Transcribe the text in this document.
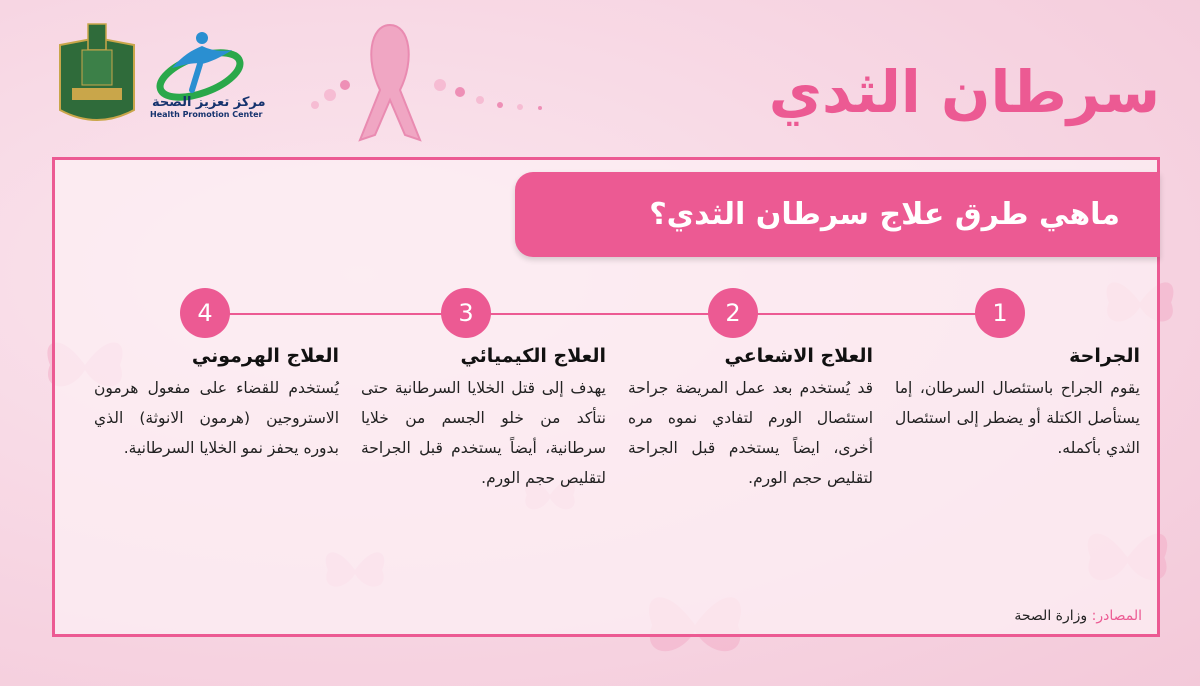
مركز تعزيز الصحة
Health Promotion Center	سرطان الثدي
ماهي طرق علاج سرطان الثدي؟
1
2
3
4
الجراحة

يقوم الجراح باستئصال السرطان، إما يستأصل الكتلة أو يضطر إلى استئصال الثدي بأكمله.

العلاج الاشعاعي

قد يُستخدم بعد عمل المريضة جراحة استئصال الورم لتفادي نموه مره أخرى، ايضاً يستخدم قبل الجراحة لتقليص حجم الورم.

العلاج الكيميائي

يهدف إلى قتل الخلايا السرطانية حتى نتأكد من خلو الجسم من خلايا سرطانية، أيضاً يستخدم قبل الجراحة لتقليص حجم الورم.

العلاج الهرموني

يُستخدم للقضاء على مفعول هرمون الاستروجين (هرمون الانوثة) الذي بدوره يحفز نمو الخلايا السرطانية.

المصادر: وزارة الصحة
